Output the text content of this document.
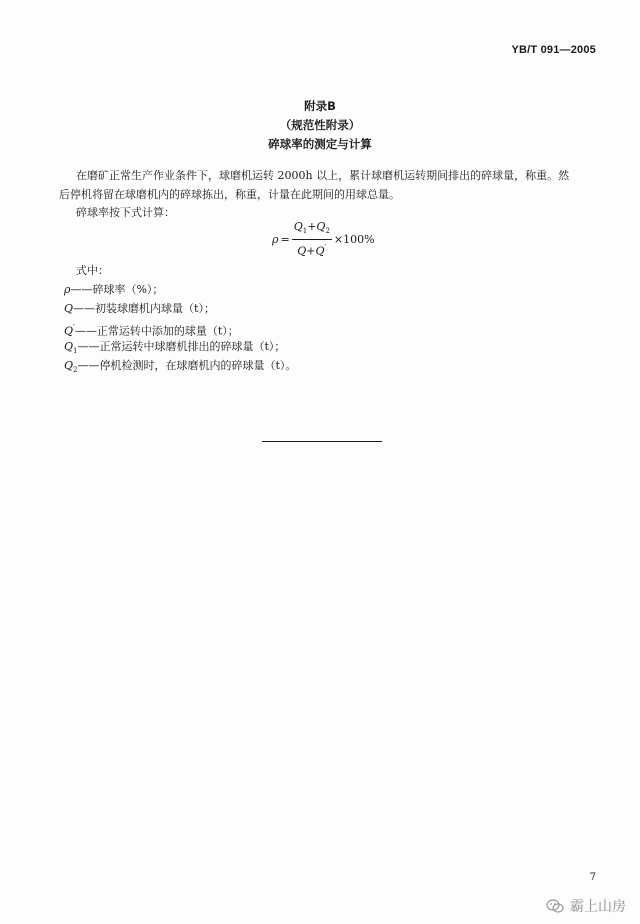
YB/T 091—2005
附录B
（规范性附录）
碎球率的测定与计算
在磨矿正常生产作业条件下，球磨机运转 2000h 以上，累计球磨机运转期间排出的碎球量，称重。然
后停机将留在球磨机内的碎球拣出，称重，计量在此期间的用球总量。
碎球率按下式计算：
$\rho = \frac{Q_1+Q_2}{Q+Q'} \times 100\%$
式中：
ρ——碎球率（%）；
Q——初装球磨机内球量（t）；
Q′——正常运转中添加的球量（t）；
$Q_1——$正常运转中球磨机排出的碎球量（t）；
$Q_2——$停机检测时，在球磨机内的碎球量（t）。
7
霸上山房
